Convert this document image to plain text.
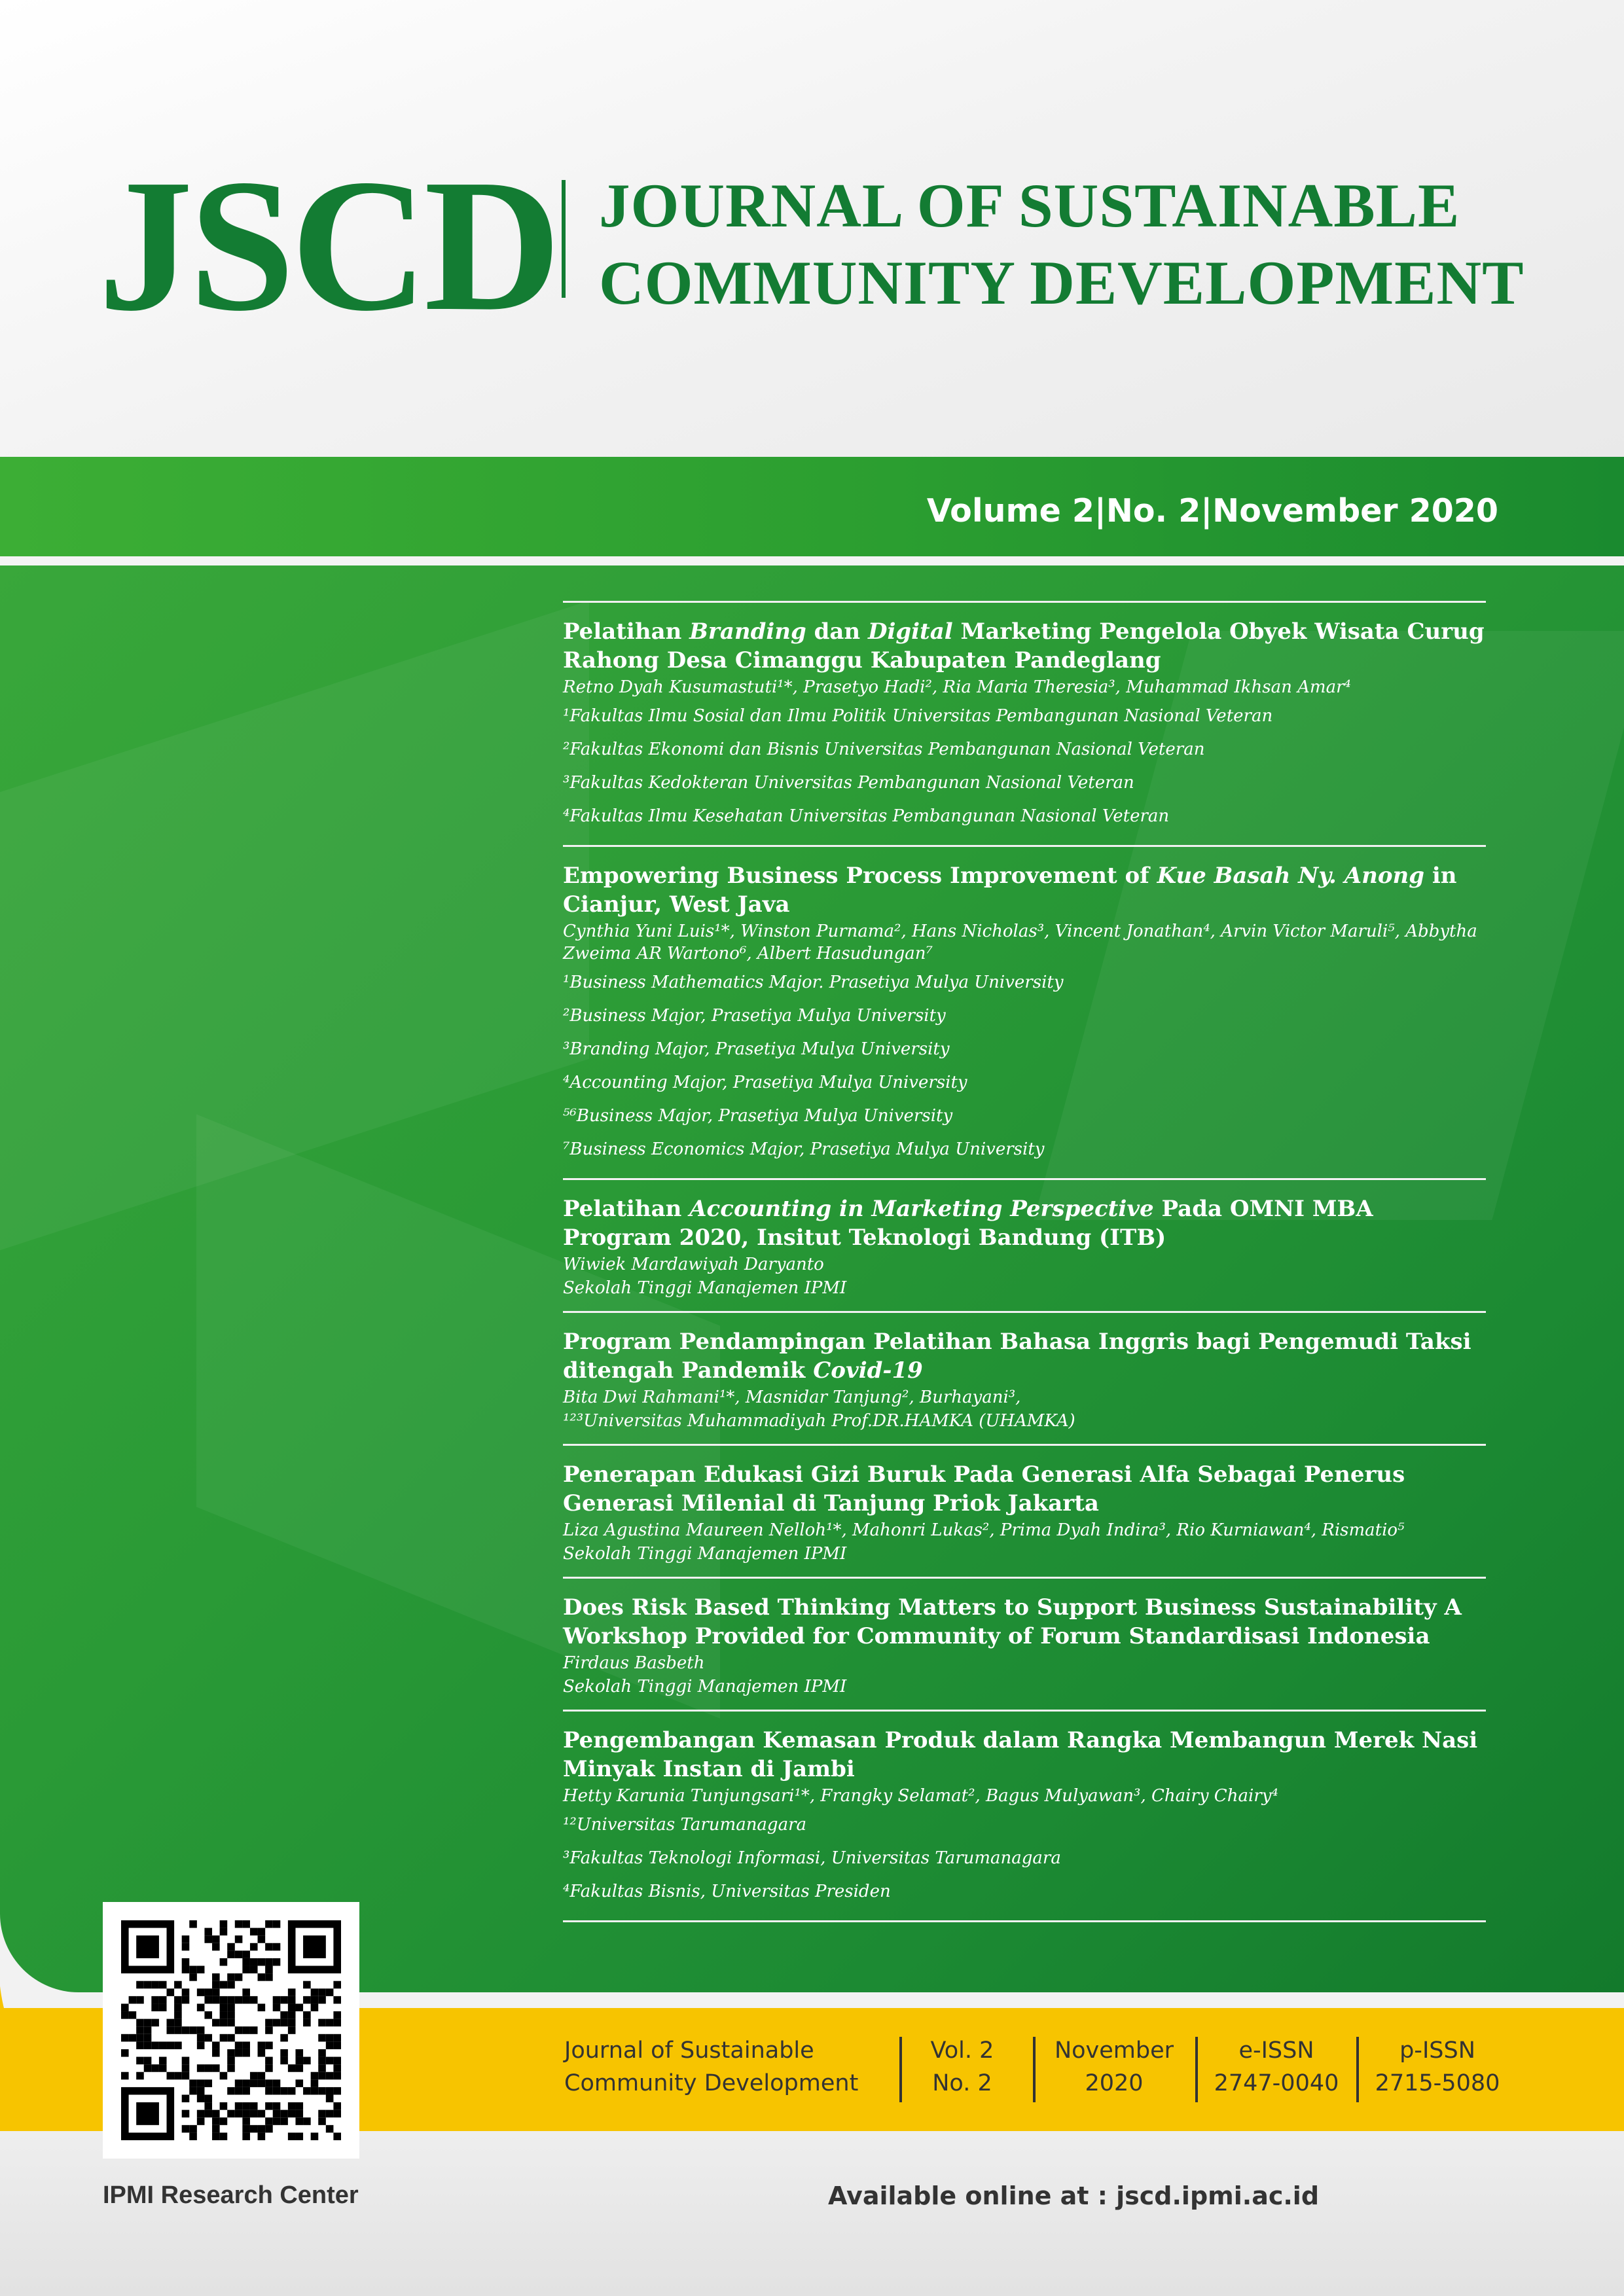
JSCD JOURNAL OF SUSTAINABLE
COMMUNITY DEVELOPMENT
Volume 2|No. 2|November 2020

Pelatihan Branding dan Digital Marketing Pengelola Obyek Wisata Curug Rahong Desa Cimanggu Kabupaten Pandeglang

Retno Dyah Kusumastuti¹*, Prasetyo Hadi², Ria Maria Theresia³, Muhammad Ikhsan Amar⁴

¹Fakultas Ilmu Sosial dan Ilmu Politik Universitas Pembangunan Nasional Veteran

²Fakultas Ekonomi dan Bisnis Universitas Pembangunan Nasional Veteran

³Fakultas Kedokteran Universitas Pembangunan Nasional Veteran

⁴Fakultas Ilmu Kesehatan Universitas Pembangunan Nasional Veteran

Empowering Business Process Improvement of Kue Basah Ny. Anong in Cianjur, West Java

Cynthia Yuni Luis¹*, Winston Purnama², Hans Nicholas³, Vincent Jonathan⁴, Arvin Victor Maruli⁵, Abbytha Zweima AR Wartono⁶, Albert Hasudungan⁷

¹Business Mathematics Major. Prasetiya Mulya University

²Business Major, Prasetiya Mulya University

³Branding Major, Prasetiya Mulya University

⁴Accounting Major, Prasetiya Mulya University

⁵⁶Business Major, Prasetiya Mulya University

⁷Business Economics Major, Prasetiya Mulya University

Pelatihan Accounting in Marketing Perspective Pada OMNI MBA Program 2020, Insitut Teknologi Bandung (ITB)

Wiwiek Mardawiyah Daryanto

Sekolah Tinggi Manajemen IPMI

Program Pendampingan Pelatihan Bahasa Inggris bagi Pengemudi Taksi ditengah Pandemik Covid-19

Bita Dwi Rahmani¹*, Masnidar Tanjung², Burhayani³,

¹²³Universitas Muhammadiyah Prof.DR.HAMKA (UHAMKA)

Penerapan Edukasi Gizi Buruk Pada Generasi Alfa Sebagai Penerus Generasi Milenial di Tanjung Priok Jakarta

Liza Agustina Maureen Nelloh¹*, Mahonri Lukas², Prima Dyah Indira³, Rio Kurniawan⁴, Rismatio⁵

Sekolah Tinggi Manajemen IPMI

Does Risk Based Thinking Matters to Support Business Sustainability A Workshop Provided for Community of Forum Standardisasi Indonesia

Firdaus Basbeth

Sekolah Tinggi Manajemen IPMI

Pengembangan Kemasan Produk dalam Rangka Membangun Merek Nasi Minyak Instan di Jambi

Hetty Karunia Tunjungsari¹*, Frangky Selamat², Bagus Mulyawan³, Chairy Chairy⁴

¹²Universitas Tarumanagara

³Fakultas Teknologi Informasi, Universitas Tarumanagara

⁴Fakultas Bisnis, Universitas Presiden

Journal of Sustainable
Community Development
Vol. 2
No. 2
November
2020
e-ISSN
2747-0040
p-ISSN
2715-5080
IPMI Research Center	Available online at : jscd.ipmi.ac.id
